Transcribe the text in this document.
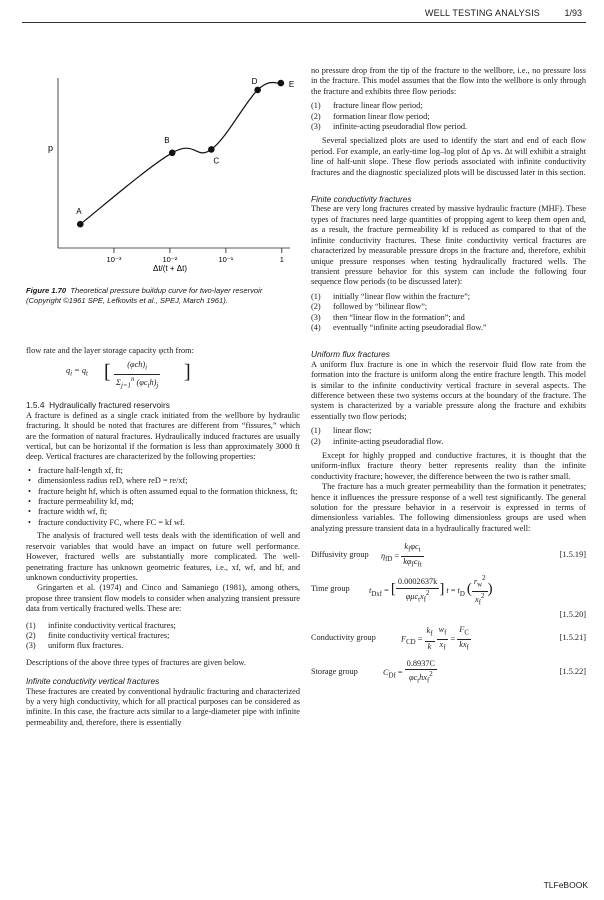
WELL TESTING ANALYSIS	1/93
p
10⁻³	10⁻²	10⁻¹	1
A
B
C
D	E
Δt/(t + Δt)
Figure 1.70 Theoretical pressure buildup curve for two-layer reservoir (Copyright ©1961 SPE, Lefkovits et al., SPEJ, March 1961).

flow rate and the layer storage capacity φcth from:

$q_i = q_t$ [	$(\varphi ch)_i$
$\Sigma_{j=1}^n$ $(\varphi c_th)_j$
]

1.5.4 Hydraulically fractured reservoirs

A fracture is defined as a single crack initiated from the wellbore by hydraulic fracturing. It should be noted that fractures are different from “fissures,” which are the formation of natural fractures. Hydraulically induced fractures are usually vertical, but can be horizontal if the formation is less than approximately 3000 ft deep. Vertical fractures are characterized by the following properties:

• fracture half-length xf, ft;
• dimensionless radius reD, where reD = re/xf;
• fracture height hf, which is often assumed equal to the formation thickness, ft;
• fracture permeability kf, md;
• fracture width wf, ft;
• fracture conductivity FC, where FC = kf wf.

The analysis of fractured well tests deals with the identification of well and reservoir variables that would have an impact on future well performance. However, fractured wells are substantially more complicated. The well-penetrating fracture has unknown geometric features, i.e., xf, wf, and hf, and unknown conductivity properties.

Gringarten et al. (1974) and Cinco and Samaniego (1981), among others, propose three transient flow models to consider when analyzing transient pressure data from vertically fractured wells. These are:

(1) infinite conductivity vertical fractures;
(2) finite conductivity vertical fractures;
(3) uniform flux fractures.

Descriptions of the above three types of fractures are given below.

Infinite conductivity vertical fractures

These fractures are created by conventional hydraulic fracturing and characterized by a very high conductivity, which for all practical purposes can be considered as infinite. In this case, the fracture acts similar to a large-diameter pipe with infinite permeability and, therefore, there is essentially

no pressure drop from the tip of the fracture to the wellbore, i.e., no pressure loss in the fracture. This model assumes that the flow into the wellbore is only through the fracture and exhibits three flow periods:

(1) fracture linear flow period;
(2) formation linear flow period;
(3) infinite-acting pseudoradial flow period.

Several specialized plots are used to identify the start and end of each flow period. For example, an early-time log–log plot of Δp vs. Δt will exhibit a straight line of half-unit slope. These flow periods associated with infinite conductivity fractures and the diagnostic specialized plots will be discussed later in this section.

Finite conductivity fractures

These are very long fractures created by massive hydraulic fracture (MHF). These types of fractures need large quantities of propping agent to keep them open and, as a result, the fracture permeability kf is reduced as compared to that of the infinite conductivity fractures. These finite conductivity vertical fractures are characterized by measurable pressure drops in the fracture and, therefore, exhibit unique pressure responses when testing hydraulically fractured wells. The transient pressure behavior for this system can include the following four sequence flow periods (to be discussed later):

(1) initially “linear flow within the fracture”;
(2) followed by “bilinear flow”;
(3) then “linear flow in the formation”; and
(4) eventually “infinite acting pseudoradial flow.”

Uniform flux fractures

A uniform flux fracture is one in which the reservoir fluid flow rate from the formation into the fracture is uniform along the entire fracture length. This model is similar to the infinite conductivity vertical fracture in several aspects. The difference between these two systems occurs at the boundary of the fracture. The system is characterized by a variable pressure along the fracture and exhibits essentially two flow periods;

(1) linear flow;
(2) infinite-acting pseudoradial flow.

Except for highly propped and conductive fractures, it is thought that the uniform-influx fracture theory better represents reality than the infinite conductivity fracture; however, the difference between the two is rather small.

The fracture has a much greater permeability than the formation it penetrates; hence it influences the pressure response of a well test significantly. The general solution for the pressure behavior in a reservoir is expressed in terms of dimensionless variables. The following dimensionless groups are used when analyzing pressure transient data in a hydraulically fractured well:

Diffusivity group $\eta_{fD} = \frac{k_f\varphi c_t}{k\varphi_fc_{ft}}$	[1.5.19]
Time group $t_{Dxf}$ = [ $\frac{0.0002637k}{\varphi\mu c_tx_f^2}$ ] $t = t_D$ ( $\frac{r_w^2}{x_f^2}$ )
[1.5.20]
Conductivity group	$F_{CD} = \frac{k_f}{k}$
$\frac{w_f}{x_f} = \frac{F_C}{kx_f}$	[1.5.21]
Storage group	$C_{Df} = \frac{0.8937C}{\varphi c_thx_f^2}$	[1.5.22]
TLFeBOOK
